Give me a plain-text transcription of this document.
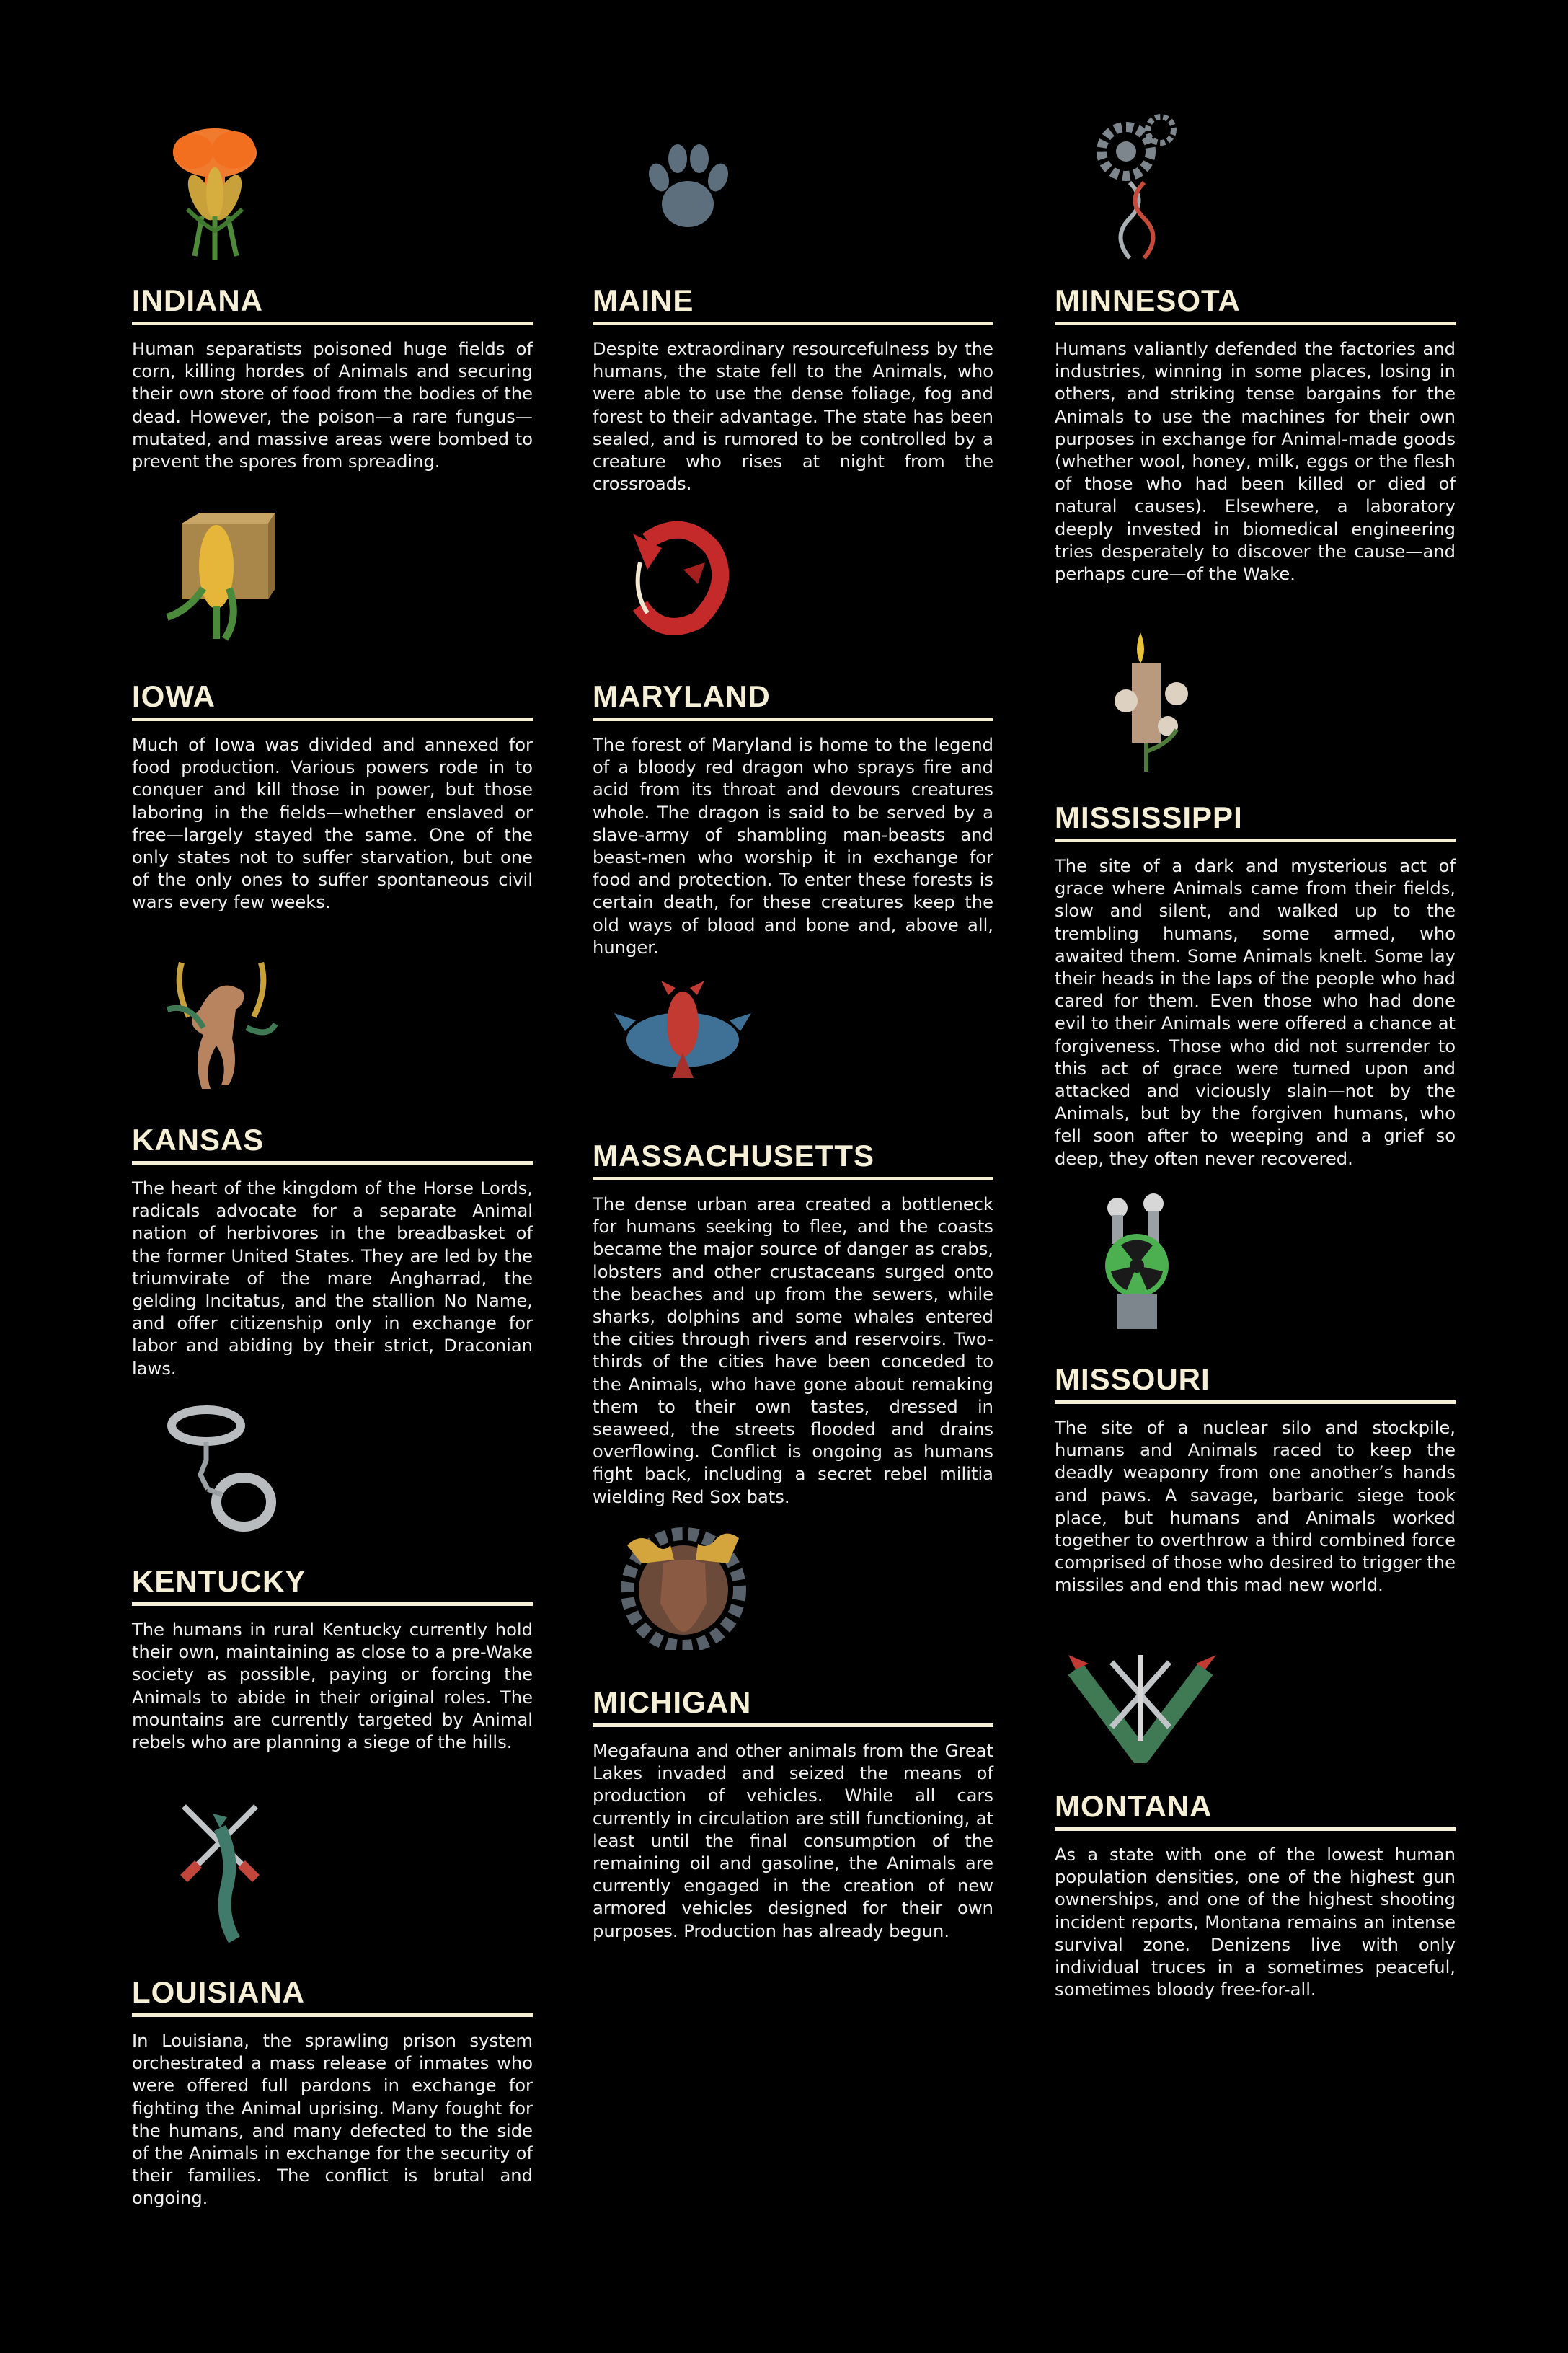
INDIANA

Human separatists poisoned huge fields of corn, killing hordes of Animals and securing their own store of food from the bodies of the dead. However, the poison—a rare fungus—mutated, and massive areas were bombed to prevent the spores from spreading.

IOWA

Much of Iowa was divided and annexed for food production. Various powers rode in to conquer and kill those in power, but those laboring in the fields—whether enslaved or free—largely stayed the same. One of the only states not to suffer starvation, but one of the only ones to suffer spontaneous civil wars every few weeks.

KANSAS

The heart of the kingdom of the Horse Lords, radicals advocate for a separate Animal nation of herbivores in the breadbasket of the former United States. They are led by the triumvirate of the mare Angharrad, the gelding Incitatus, and the stallion No Name, and offer citizenship only in exchange for labor and abiding by their strict, Draconian laws.

KENTUCKY

The humans in rural Kentucky currently hold their own, maintaining as close to a pre-Wake society as possible, paying or forcing the Animals to abide in their original roles. The mountains are currently targeted by Animal rebels who are planning a siege of the hills.

LOUISIANA

In Louisiana, the sprawling prison system orchestrated a mass release of inmates who were offered full pardons in exchange for fighting the Animal uprising. Many fought for the humans, and many defected to the side of the Animals in exchange for the security of their families. The conflict is brutal and ongoing.

MAINE

Despite extraordinary resourcefulness by the humans, the state fell to the Animals, who were able to use the dense foliage, fog and forest to their advantage. The state has been sealed, and is rumored to be controlled by a creature who rises at night from the crossroads.

MARYLAND

The forest of Maryland is home to the legend of a bloody red dragon who sprays fire and acid from its throat and devours creatures whole. The dragon is said to be served by a slave-army of shambling man-beasts and beast-men who worship it in exchange for food and protection. To enter these forests is certain death, for these creatures keep the old ways of blood and bone and, above all, hunger.

MASSACHUSETTS

The dense urban area created a bottleneck for humans seeking to flee, and the coasts became the major source of danger as crabs, lobsters and other crustaceans surged onto the beaches and up from the sewers, while sharks, dolphins and some whales entered the cities through rivers and reservoirs. Two-thirds of the cities have been conceded to the Animals, who have gone about remaking them to their own tastes, dressed in seaweed, the streets flooded and drains overflowing. Conflict is ongoing as humans fight back, including a secret rebel militia wielding Red Sox bats.

MICHIGAN

Megafauna and other animals from the Great Lakes invaded and seized the means of production of vehicles. While all cars currently in circulation are still functioning, at least until the final consumption of the remaining oil and gasoline, the Animals are currently engaged in the creation of new armored vehicles designed for their own purposes. Production has already begun.

MINNESOTA

Humans valiantly defended the factories and industries, winning in some places, losing in others, and striking tense bargains for the Animals to use the machines for their own purposes in exchange for Animal-made goods (whether wool, honey, milk, eggs or the flesh of those who had been killed or died of natural causes). Elsewhere, a laboratory deeply invested in biomedical engineering tries desperately to discover the cause—and perhaps cure—of the Wake.

MISSISSIPPI

The site of a dark and mysterious act of grace where Animals came from their fields, slow and silent, and walked up to the trembling humans, some armed, who awaited them. Some Animals knelt. Some lay their heads in the laps of the people who had cared for them. Even those who had done evil to their Animals were offered a chance at forgiveness. Those who did not surrender to this act of grace were turned upon and attacked and viciously slain—not by the Animals, but by the forgiven humans, who fell soon after to weeping and a grief so deep, they often never recovered.

MISSOURI

The site of a nuclear silo and stockpile, humans and Animals raced to keep the deadly weaponry from one another’s hands and paws. A savage, barbaric siege took place, but humans and Animals worked together to overthrow a third combined force comprised of those who desired to trigger the missiles and end this mad new world.

MONTANA

As a state with one of the lowest human population densities, one of the highest gun ownerships, and one of the highest shooting incident reports, Montana remains an intense survival zone. Denizens live with only individual truces in a sometimes peaceful, sometimes bloody free-for-all.
